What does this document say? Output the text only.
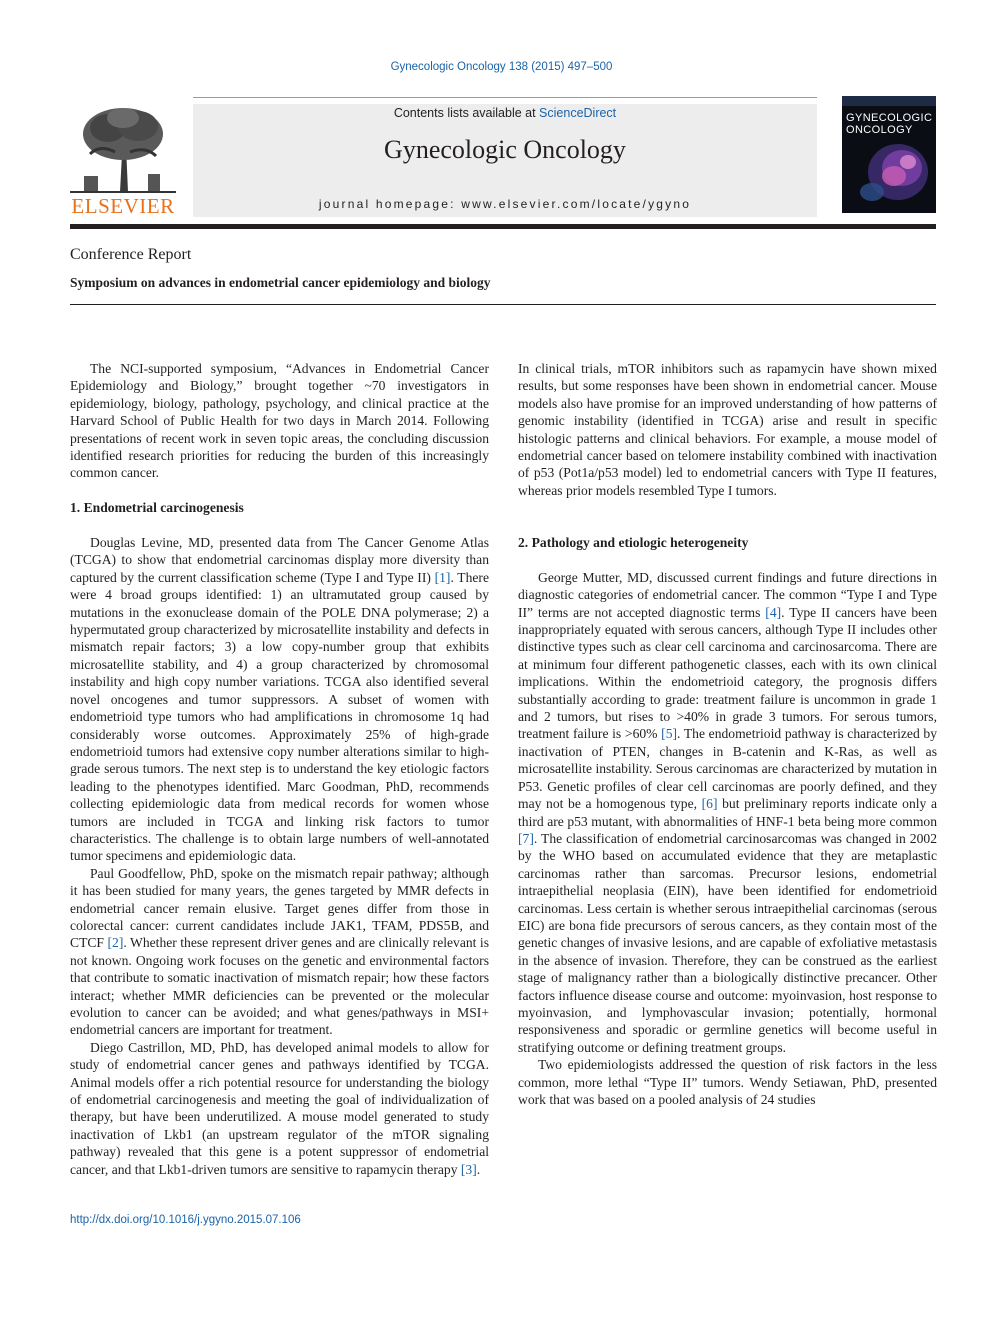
Gynecologic Oncology 138 (2015) 497–500
ELSEVIER
Contents lists available at ScienceDirect
Gynecologic Oncology
journal homepage: www.elsevier.com/locate/ygyno
GYNECOLOGIC
ONCOLOGY
Conference Report
Symposium on advances in endometrial cancer epidemiology and biology

The NCI-supported symposium, “Advances in Endometrial Cancer Epidemiology and Biology,” brought together ~70 investigators in epidemiology, biology, pathology, psychology, and clinical practice at the Harvard School of Public Health for two days in March 2014. Following presentations of recent work in seven topic areas, the concluding discussion identified research priorities for reducing the burden of this increasingly common cancer.

1. Endometrial carcinogenesis

Douglas Levine, MD, presented data from The Cancer Genome Atlas (TCGA) to show that endometrial carcinomas display more diversity than captured by the current classification scheme (Type I and Type II) [1]. There were 4 broad groups identified: 1) an ultramutated group caused by mutations in the exonuclease domain of the POLE DNA polymerase; 2) a hypermutated group characterized by microsatellite instability and defects in mismatch repair factors; 3) a low copy-number group that exhibits microsatellite stability, and 4) a group characterized by chromosomal instability and high copy number variations. TCGA also identified several novel oncogenes and tumor suppressors. A subset of women with endometrioid type tumors who had amplifications in chromosome 1q had considerably worse outcomes. Approximately 25% of high-grade endometrioid tumors had extensive copy number alterations similar to high-grade serous tumors. The next step is to understand the key etiologic factors leading to the phenotypes identified. Marc Goodman, PhD, recommends collecting epidemiologic data from medical records for women whose tumors are included in TCGA and linking risk factors to tumor characteristics. The challenge is to obtain large numbers of well-annotated tumor specimens and epidemiologic data.

Paul Goodfellow, PhD, spoke on the mismatch repair pathway; although it has been studied for many years, the genes targeted by MMR defects in endometrial cancer remain elusive. Target genes differ from those in colorectal cancer: current candidates include JAK1, TFAM, PDS5B, and CTCF [2]. Whether these represent driver genes and are clinically relevant is not known. Ongoing work focuses on the genetic and environmental factors that contribute to somatic inactivation of mismatch repair; how these factors interact; whether MMR deficiencies can be prevented or the molecular evolution to cancer can be avoided; and what genes/pathways in MSI+ endometrial cancers are important for treatment.

Diego Castrillon, MD, PhD, has developed animal models to allow for study of endometrial cancer genes and pathways identified by TCGA. Animal models offer a rich potential resource for understanding the biology of endometrial carcinogenesis and meeting the goal of individualization of therapy, but have been underutilized. A mouse model generated to study inactivation of Lkb1 (an upstream regulator of the mTOR signaling pathway) revealed that this gene is a potent suppressor of endometrial cancer, and that Lkb1-driven tumors are sensitive to rapamycin therapy [3].

In clinical trials, mTOR inhibitors such as rapamycin have shown mixed results, but some responses have been shown in endometrial cancer. Mouse models also have promise for an improved understanding of how patterns of genomic instability (identified in TCGA) arise and result in specific histologic patterns and clinical behaviors. For example, a mouse model of endometrial cancer based on telomere instability combined with inactivation of p53 (Pot1a/p53 model) led to endometrial cancers with Type II features, whereas prior models resembled Type I tumors.

2. Pathology and etiologic heterogeneity

George Mutter, MD, discussed current findings and future directions in diagnostic categories of endometrial cancer. The common “Type I and Type II” terms are not accepted diagnostic terms [4]. Type II cancers have been inappropriately equated with serous cancers, although Type II includes other distinctive types such as clear cell carcinoma and carcinosarcoma. There are at minimum four different pathogenetic classes, each with its own clinical implications. Within the endometrioid category, the prognosis differs substantially according to grade: treatment failure is uncommon in grade 1 and 2 tumors, but rises to >40% in grade 3 tumors. For serous tumors, treatment failure is >60% [5]. The endometrioid pathway is characterized by inactivation of PTEN, changes in B-catenin and K-Ras, as well as microsatellite instability. Serous carcinomas are characterized by mutation in P53. Genetic profiles of clear cell carcinomas are poorly defined, and they may not be a homogenous type, [6] but preliminary reports indicate only a third are p53 mutant, with abnormalities of HNF-1 beta being more common [7]. The classification of endometrial carcinosarcomas was changed in 2002 by the WHO based on accumulated evidence that they are metaplastic carcinomas rather than sarcomas. Precursor lesions, endometrial intraepithelial neoplasia (EIN), have been identified for endometrioid carcinomas. Less certain is whether serous intraepithelial carcinomas (serous EIC) are bona fide precursors of serous cancers, as they contain most of the genetic changes of invasive lesions, and are capable of exfoliative metastasis in the absence of invasion. Therefore, they can be construed as the earliest stage of malignancy rather than a biologically distinctive precancer. Other factors influence disease course and outcome: myoinvasion, host response to myoinvasion, and lymphovascular invasion; potentially, hormonal responsiveness and sporadic or germline genetics will become useful in stratifying outcome or defining treatment groups.

Two epidemiologists addressed the question of risk factors in the less common, more lethal “Type II” tumors. Wendy Setiawan, PhD, presented work that was based on a pooled analysis of 24 studies

http://dx.doi.org/10.1016/j.ygyno.2015.07.106
